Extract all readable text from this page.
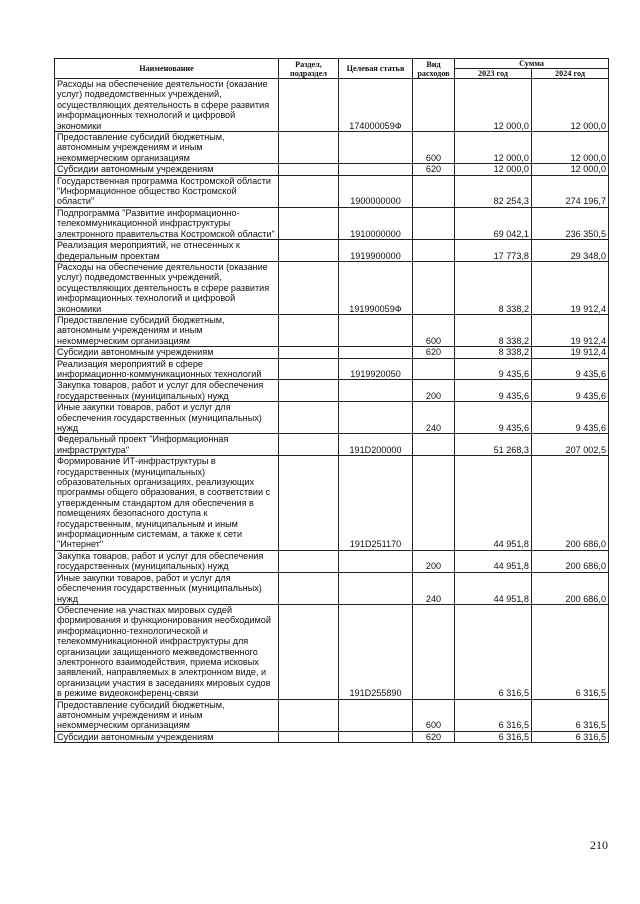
Наименование	Раздел, подраздел	Целевая статья	Вид расходов	Сумма	
				2023 год	2024 год
Расходы на обеспечение деятельности (оказание услуг) подведомственных учреждений, осуществляющих деятельность в сфере развития информационных технологий и цифровой экономики		174000059Ф		12 000,0	12 000,0
Предоставление субсидий бюджетным, автономным учреждениям и иным некоммерческим организациям			600	12 000,0	12 000,0
Субсидии автономным учреждениям			620	12 000,0	12 000,0
Государственная программа Костромской области "Информационное общество Костромской области"		1900000000		82 254,3	274 196,7
Подпрограмма "Развитие информационно-телекоммуникационной инфраструктуры электронного правительства Костромской области"		1910000000		69 042,1	236 350,5
Реализация мероприятий, не отнесенных к федеральным проектам		1919900000		17 773,8	29 348,0
Расходы на обеспечение деятельности (оказание услуг) подведомственных учреждений, осуществляющих деятельность в сфере развития информационных технологий и цифровой экономики		191990059Ф		8 338,2	19 912,4
Предоставление субсидий бюджетным, автономным учреждениям и иным некоммерческим организациям			600	8 338,2	19 912,4
Субсидии автономным учреждениям			620	8 338,2	19 912,4
Реализация мероприятий в сфере информационно-коммуникационных технологий		1919920050		9 435,6	9 435,6
Закупка товаров, работ и услуг для обеспечения государственных (муниципальных) нужд			200	9 435,6	9 435,6
Иные закупки товаров, работ и услуг для обеспечения государственных (муниципальных) нужд			240	9 435,6	9 435,6
Федеральный проект "Информационная инфраструктура"		191D200000		51 268,3	207 002,5
Формирование ИТ-инфраструктуры в государственных (муниципальных) образовательных организациях, реализующих программы общего образования, в соответствии с утвержденным стандартом для обеспечения в помещениях безопасного доступа к государственным, муниципальным и иным информационным системам, а также к сети "Интернет"		191D251170		44 951,8	200 686,0
Закупка товаров, работ и услуг для обеспечения государственных (муниципальных) нужд			200	44 951,8	200 686,0
Иные закупки товаров, работ и услуг для обеспечения государственных (муниципальных) нужд			240	44 951,8	200 686,0
Обеспечение на участках мировых судей формирования и функционирования необходимой информационно-технологической и телекоммуникационной инфраструктуры для организации защищенного межведомственного электронного взаимодействия, приема исковых заявлений, направляемых в электронном виде, и организации участия в заседаниях мировых судов в режиме видеоконференц-связи		191D255890		6 316,5	6 316,5
Предоставление субсидий бюджетным, автономным учреждениям и иным некоммерческим организациям			600	6 316,5	6 316,5
Субсидии автономным учреждениям			620	6 316,5	6 316,5
210
